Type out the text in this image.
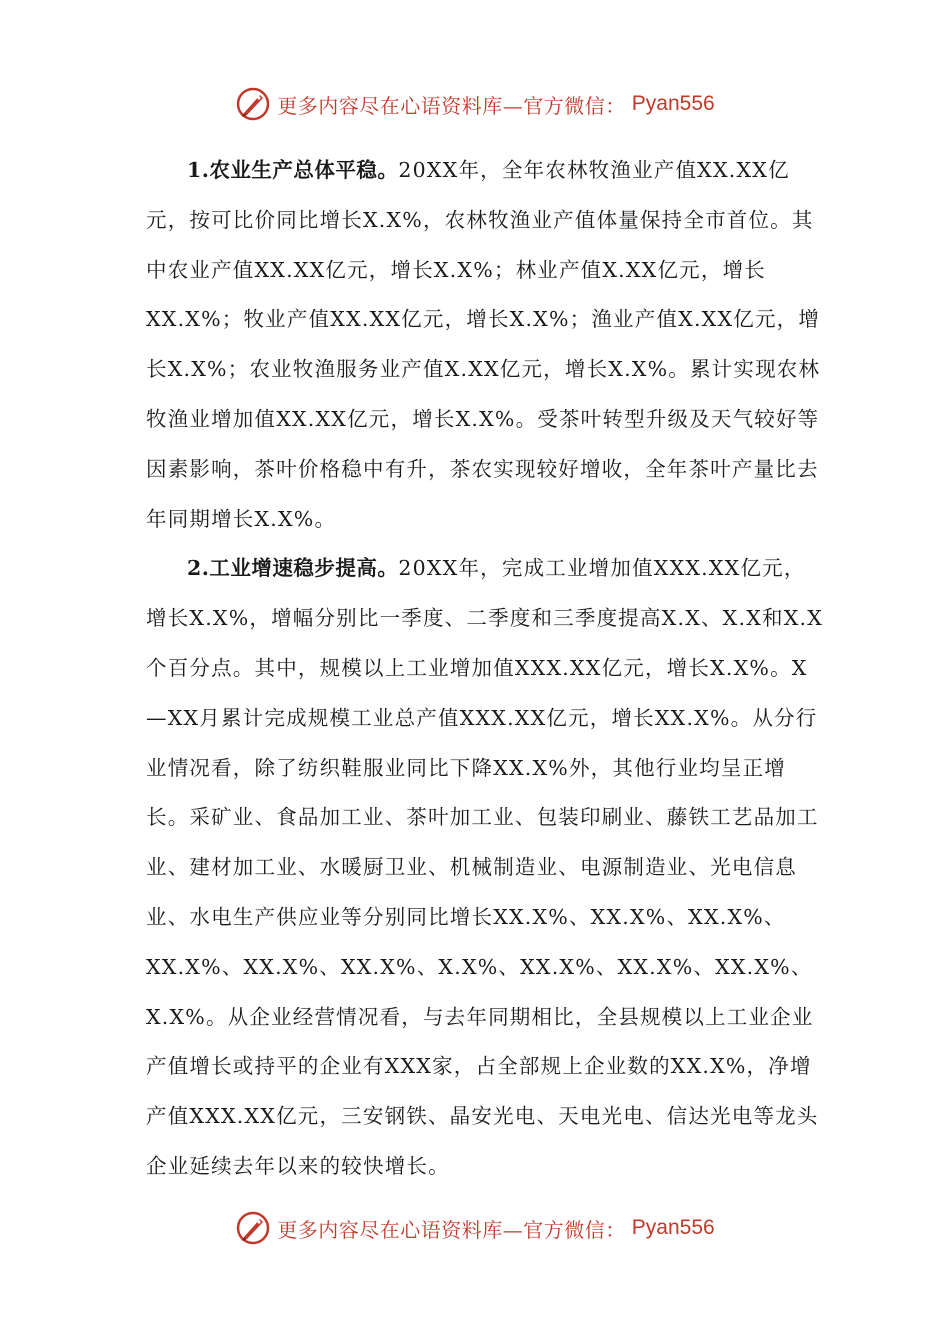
更多内容尽在心语资料库—官方微信： Pyan556

1.农业生产总体平稳。20XX年，全年农林牧渔业产值XX.XX亿元，按可比价同比增长X.X%，农林牧渔业产值体量保持全市首位。其中农业产值XX.XX亿元，增长X.X%；林业产值X.XX亿元，增长XX.X%；牧业产值XX.XX亿元，增长X.X%；渔业产值X.XX亿元，增长X.X%；农业牧渔服务业产值X.XX亿元，增长X.X%。累计实现农林牧渔业增加值XX.XX亿元，增长X.X%。受茶叶转型升级及天气较好等因素影响，茶叶价格稳中有升，茶农实现较好增收，全年茶叶产量比去年同期增长X.X%。

2.工业增速稳步提高。20XX年，完成工业增加值XXX.XX亿元，增长X.X%，增幅分别比一季度、二季度和三季度提高X.X、X.X和X.X个百分点。其中，规模以上工业增加值XXX.XX亿元，增长X.X%。X—XX月累计完成规模工业总产值XXX.XX亿元，增长XX.X%。从分行业情况看，除了纺织鞋服业同比下降XX.X%外，其他行业均呈正增长。采矿业、食品加工业、茶叶加工业、包装印刷业、藤铁工艺品加工业、建材加工业、水暖厨卫业、机械制造业、电源制造业、光电信息业、水电生产供应业等分别同比增长XX.X%、XX.X%、XX.X%、XX.X%、XX.X%、XX.X%、X.X%、XX.X%、XX.X%、XX.X%、X.X%。从企业经营情况看，与去年同期相比，全县规模以上工业企业产值增长或持平的企业有XXX家，占全部规上企业数的XX.X%，净增产值XXX.XX亿元，三安钢铁、晶安光电、天电光电、信达光电等龙头企业延续去年以来的较快增长。

更多内容尽在心语资料库—官方微信： Pyan556
